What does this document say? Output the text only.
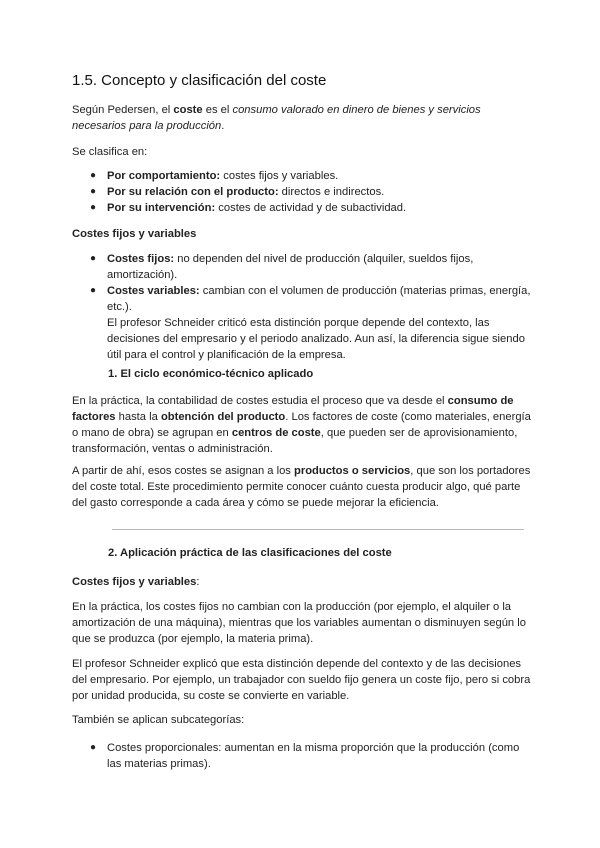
1.5. Concepto y clasificación del coste

Según Pedersen, el coste es el consumo valorado en dinero de bienes y servicios necesarios para la producción.

Se clasifica en:

● Por comportamiento: costes fijos y variables.
● Por su relación con el producto: directos e indirectos.
● Por su intervención: costes de actividad y de subactividad.

Costes fijos y variables

● Costes fijos: no dependen del nivel de producción (alquiler, sueldos fijos, amortización).
● Costes variables: cambian con el volumen de producción (materias primas, energía, etc.).
El profesor Schneider criticó esta distinción porque depende del contexto, las decisiones del empresario y el periodo analizado. Aun así, la diferencia sigue siendo útil para el control y planificación de la empresa.

1. El ciclo económico-técnico aplicado

En la práctica, la contabilidad de costes estudia el proceso que va desde el consumo de factores hasta la obtención del producto. Los factores de coste (como materiales, energía o mano de obra) se agrupan en centros de coste, que pueden ser de aprovisionamiento, transformación, ventas o administración.

A partir de ahí, esos costes se asignan a los productos o servicios, que son los portadores del coste total. Este procedimiento permite conocer cuánto cuesta producir algo, qué parte del gasto corresponde a cada área y cómo se puede mejorar la eficiencia.

2. Aplicación práctica de las clasificaciones del coste

Costes fijos y variables:

En la práctica, los costes fijos no cambian con la producción (por ejemplo, el alquiler o la amortización de una máquina), mientras que los variables aumentan o disminuyen según lo que se produzca (por ejemplo, la materia prima).

El profesor Schneider explicó que esta distinción depende del contexto y de las decisiones del empresario. Por ejemplo, un trabajador con sueldo fijo genera un coste fijo, pero si cobra por unidad producida, su coste se convierte en variable.

También se aplican subcategorías:

● Costes proporcionales: aumentan en la misma proporción que la producción (como las materias primas).
